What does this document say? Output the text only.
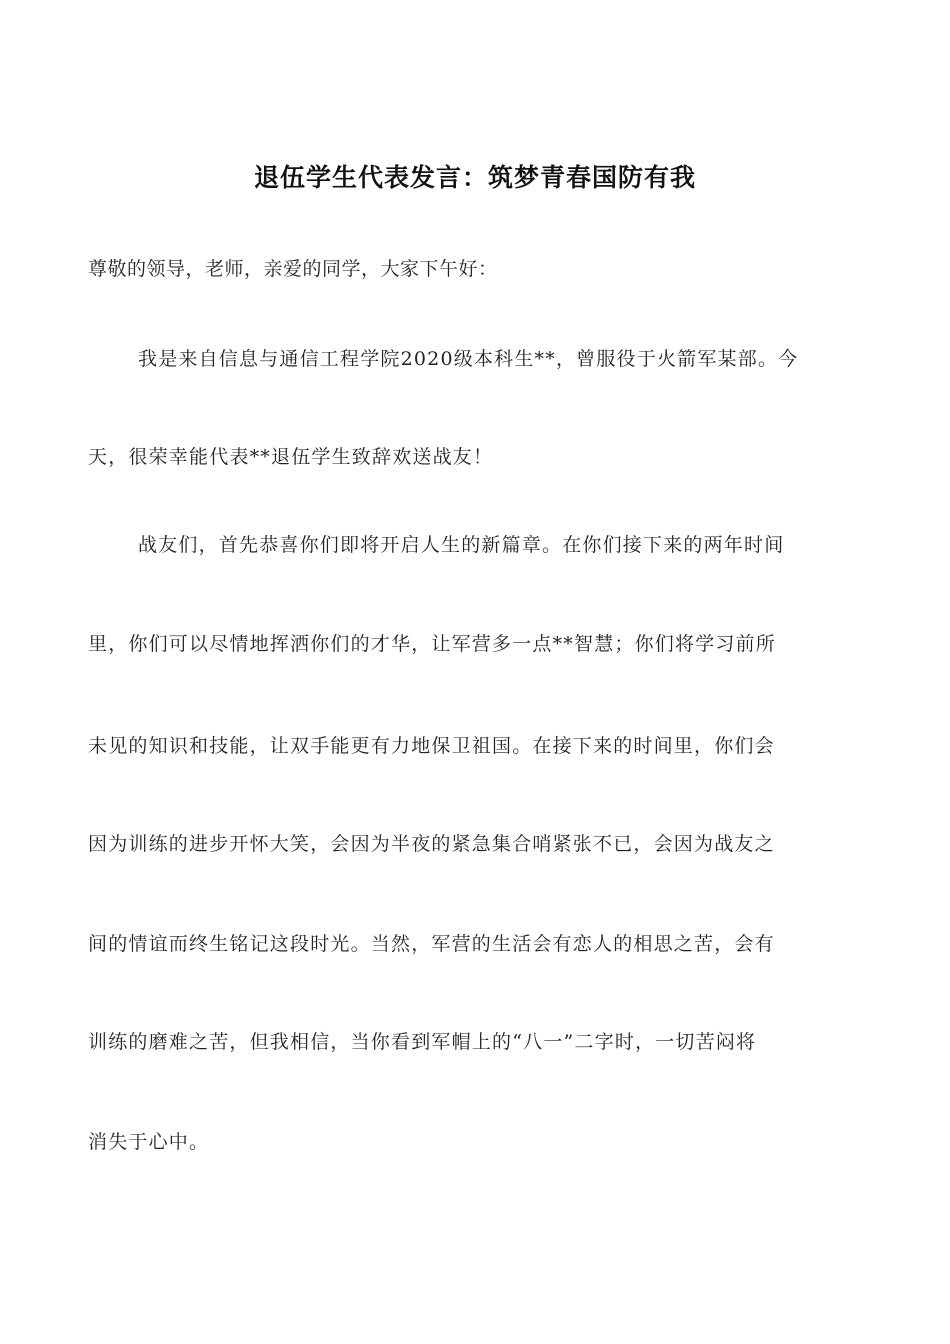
退伍学生代表发言：筑梦青春国防有我
尊敬的领导，老师，亲爱的同学，大家下午好：
我是来自信息与通信工程学院2020级本科生**，曾服役于火箭军某部。今
天，很荣幸能代表**退伍学生致辞欢送战友！
战友们，首先恭喜你们即将开启人生的新篇章。在你们接下来的两年时间
里，你们可以尽情地挥洒你们的才华，让军营多一点**智慧；你们将学习前所
未见的知识和技能，让双手能更有力地保卫祖国。在接下来的时间里，你们会
因为训练的进步开怀大笑，会因为半夜的紧急集合哨紧张不已，会因为战友之
间的情谊而终生铭记这段时光。当然，军营的生活会有恋人的相思之苦，会有
训练的磨难之苦，但我相信，当你看到军帽上的“八一”二字时，一切苦闷将
消失于心中。
